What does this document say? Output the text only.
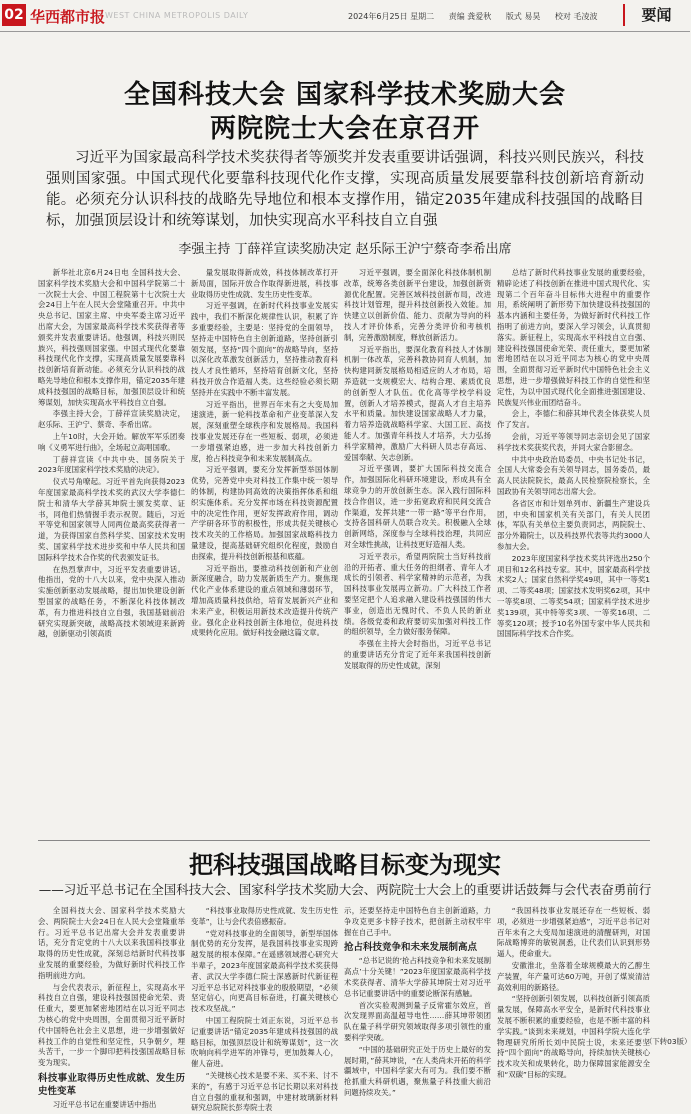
02 华西都市报 WEST CHINA METROPOLIS DAILY	2024年6月25日 星期二 责编 龚爱秋 版式 易昊 校对 毛凌波	要闻
全国科技大会 国家科学技术奖励大会
两院院士大会在京召开

习近平为国家最高科学技术奖获得者等颁奖并发表重要讲话强调，科技兴则民族兴，科技强则国家强。中国式现代化要靠科技现代化作支撑，实现高质量发展要靠科技创新培育新动能。必须充分认识科技的战略先导地位和根本支撑作用，锚定2035年建成科技强国的战略目标，加强顶层设计和统筹谋划，加快实现高水平科技自立自强

李强主持 丁薛祥宣读奖励决定 赵乐际王沪宁蔡奇李希出席

新华社北京6月24日电 全国科技大会、国家科学技术奖励大会和中国科学院第二十一次院士大会、中国工程院第十七次院士大会24日上午在人民大会堂隆重召开。中共中央总书记、国家主席、中央军委主席习近平出席大会，为国家最高科学技术奖获得者等颁奖并发表重要讲话。他强调，科技兴则民族兴，科技强则国家强。中国式现代化要靠科技现代化作支撑，实现高质量发展要靠科技创新培育新动能。必须充分认识科技的战略先导地位和根本支撑作用，锚定2035年建成科技强国的战略目标，加强顶层设计和统筹谋划，加快实现高水平科技自立自强。

李强主持大会，丁薛祥宣读奖励决定，赵乐际、王沪宁、蔡奇、李希出席。

上午10时，大会开始。解放军军乐团奏响《义勇军进行曲》，全场起立高唱国歌。

丁薛祥宣读《中共中央、国务院关于2023年度国家科学技术奖励的决定》。

仪式号角嘹起。习近平首先向获得2023年度国家最高科学技术奖的武汉大学李德仁院士和清华大学薛其坤院士颁发奖章、证书，同他们热情握手表示祝贺。随后，习近平等党和国家领导人同两位最高奖获得者一道，为获得国家自然科学奖、国家技术发明奖、国家科学技术进步奖和中华人民共和国国际科学技术合作奖的代表颁发证书。

在热烈掌声中，习近平发表重要讲话。他指出，党的十八大以来，党中央深入推动实施创新驱动发展战略，提出加快建设创新型国家的战略任务，不断深化科技体制改革，有力推进科技自立自强，我国基础前沿研究实现新突破，战略高技术领域迎来新跨越，创新驱动引领高质

量发展取得新成效，科技体制改革打开新局面，国际开放合作取得新进展，科技事业取得历史性成就、发生历史性变革。

习近平强调，在新时代科技事业发展实践中，我们不断深化规律性认识，积累了许多重要经验，主要是：坚持党的全面领导，坚持走中国特色自主创新道路，坚持创新引领发展，坚持“四个面向”的战略导向，坚持以深化改革激发创新活力，坚持推动教育科技人才良性循环，坚持培育创新文化，坚持科技开放合作造福人类。这些经验必须长期坚持并在实践中不断丰富发展。

习近平指出，世界百年未有之大变局加速演进，新一轮科技革命和产业变革深入发展，深刻重塑全球秩序和发展格局。我国科技事业发展还存在一些短板、弱项，必须进一步增强紧迫感，进一步加大科技创新力度，抢占科技竞争和未来发展制高点。

习近平强调，要充分发挥新型举国体制优势，完善党中央对科技工作集中统一领导的体制，构建协同高效的决策指挥体系和组织实施体系。充分发挥市场在科技资源配置中的决定性作用，更好发挥政府作用，调动产学研各环节的积极性，形成共促关键核心技术攻关的工作格局。加强国家战略科技力量建设，提高基础研究组织化程度，鼓励自由探索，提升科技创新根基和底蕴。

习近平指出，要推动科技创新和产业创新深度融合，助力发展新质生产力。聚焦现代化产业体系建设的重点领域和薄弱环节，增加高质量科技供给，培育发展新兴产业和未来产业，积极运用新技术改造提升传统产业。强化企业科技创新主体地位，促进科技成果转化应用。做好科技金融这篇文章。

习近平强调，要全面深化科技体制机制改革，统筹各类创新平台建设，加强创新资源优化配置。完善区域科技创新布局，改进科技计划管理，提升科技创新投入效能。加快建立以创新价值、能力、贡献为导向的科技人才评价体系，完善分类评价和考核机制，完善激励制度，释放创新活力。

习近平指出，要深化教育科技人才体制机制一体改革，完善科教协同育人机制，加快构建同新发展格局相适应的人才布局，培养造就一支规模宏大、结构合理、素质优良的创新型人才队伍。优化高等学校学科设置，创新人才培养模式，提高人才自主培养水平和质量。加快建设国家战略人才力量，着力培养造就战略科学家、大国工匠、高技能人才。加强青年科技人才培养，大力弘扬科学家精神，激励广大科研人员志存高远、爱国奉献、矢志创新。

习近平强调，要扩大国际科技交流合作，加强国际化科研环境建设，形成具有全球竞争力的开放创新生态。深入践行国际科技合作倡议，进一步拓宽政府和民间交流合作渠道，发挥共建“一带一路”等平台作用，支持各国科研人员联合攻关。积极融入全球创新网络，深度参与全球科技治理，共同应对全球性挑战，让科技更好造福人类。

习近平表示，希望两院院士当好科技前沿的开拓者、重大任务的担纲者、青年人才成长的引领者、科学家精神的示范者，为我国科技事业发展再立新功。广大科技工作者要坚定把个人追求融入建设科技强国的伟大事业，创造出无愧时代、不负人民的新业绩。各级党委和政府要切实加强对科技工作的组织领导，全力做好服务保障。

李强在主持大会时指出，习近平总书记的重要讲话充分肯定了近年来我国科技创新发展取得的历史性成就，深刻

总结了新时代科技事业发展的重要经验，精辟论述了科技创新在推进中国式现代化、实现第二个百年奋斗目标伟大进程中的重要作用，系统阐明了新形势下加快建设科技强国的基本内涵和主要任务，为做好新时代科技工作指明了前进方向，要深入学习领会，认真贯彻落实。新征程上，实现高水平科技自立自强、建设科技强国使命光荣、责任重大，要更加紧密地团结在以习近平同志为核心的党中央周围，全面贯彻习近平新时代中国特色社会主义思想，进一步增强做好科技工作的自觉性和坚定性，为以中国式现代化全面推进强国建设、民族复兴伟业而团结奋斗。

会上，李德仁和薛其坤代表全体获奖人员作了发言。

会前，习近平等领导同志亲切会见了国家科学技术奖获奖代表，并同大家合影留念。

中共中央政治局委员、中央书记处书记，全国人大常委会有关领导同志，国务委员，最高人民法院院长，最高人民检察院检察长，全国政协有关领导同志出席大会。

各省区市和计划单列市、新疆生产建设兵团，中央和国家机关有关部门，有关人民团体，军队有关单位主要负责同志，两院院士、部分外籍院士，以及科技界代表等共约3000人参加大会。

2023年度国家科学技术奖共评选出250个项目和12名科技专家。其中，国家最高科学技术奖2人；国家自然科学奖49项，其中一等奖1项、二等奖48项；国家技术发明奖62项，其中一等奖8项、二等奖54项；国家科学技术进步奖139项，其中特等奖3项、一等奖16项、二等奖120项；授予10名外国专家中华人民共和国国际科学技术合作奖。

把科技强国战略目标变为现实
——习近平总书记在全国科技大会、国家科学技术奖励大会、两院院士大会上的重要讲话鼓舞与会代表奋勇前行

全国科技大会、国家科学技术奖励大会、两院院士大会24日在人民大会堂隆重举行。习近平总书记出席大会并发表重要讲话，充分肯定党的十八大以来我国科技事业取得的历史性成就，深刻总结新时代科技事业发展的重要经验，为做好新时代科技工作指明前进方向。

与会代表表示，新征程上，实现高水平科技自立自强，建设科技强国使命光荣、责任重大，要更加紧密地团结在以习近平同志为核心的党中央周围，全面贯彻习近平新时代中国特色社会主义思想，进一步增强做好科技工作的自觉性和坚定性，只争朝夕，埋头苦干，一步一个脚印把科技强国战略目标变为现实。

科技事业取得历史性成就、发生历史性变革

习近平总书记在重要讲话中指出

“科技事业取得历史性成就、发生历史性变革”，让与会代表倍感振奋。

“党对科技事业的全面领导，新型举国体制优势的充分发挥，是我国科技事业实现跨越发展的根本保障。”在遥感领域潜心研究大半辈子，2023年度国家最高科学技术奖获得者、武汉大学李德仁院士深感新时代新征程习近平总书记对科技事业的殷殷期望，“必须坚定信心，向更高目标奋进，打赢关键核心技术攻坚战。”

中国工程院院士刘正东说，习近平总书记重要讲话“锚定2035年建成科技强国的战略目标，加强顶层设计和统筹谋划”，这一次吹响向科学进军的冲锋号，更加鼓舞人心，催人奋进。

“关键核心技术是要不来、买不来、讨不来的”，有感于习近平总书记长期以来对科技自立自强的重视和强调，中建材玻璃新材料研究总院院长彭寿院士表

示，还要坚持走中国特色自主创新道路，力争攻克更多卡脖子技术，把创新主动权牢牢握在自己手中。

抢占科技竞争和未来发展制高点

“总书记说的‘抢占科技竞争和未来发展制高点’十分关键！”2023年度国家最高科学技术奖获得者、清华大学薛其坤院士对习近平总书记重要讲话中的重要论断深有感触。

首次实验观测到量子反常霍尔效应，首次发现界面高温超导电性……薛其坤带领团队在量子科学研究领域取得多项引领性的重要科学突破。

“中国的基础研究正处于历史上最好的发展时期，”薛其坤说，“在人类尚未开拓的科学疆域中，中国科学家大有可为。我们要不断抢抓重大科研机遇，聚焦量子科技重大前沿问题持续攻关。”

“我国科技事业发展还存在一些短板、弱项，必须进一步增强紧迫感”，习近平总书记对百年未有之大变局加速演进的清醒研判，对国际战略博弈的敏锐洞悉，让代表们认识到形势逼人，使命重大。

安徽淮北，坐落着全球规模最大的乙醇生产装置，年产量可达60万吨，开创了煤炭清洁高效利用的新路径。

“坚持创新引领发展，以科技创新引领高质量发展，保障高水平安全，是新时代科技事业发展不断积累的重要经验，也是不断丰富的科学实践。”谈到未来规划，中国科学院大连化学物理研究所所长刘中民院士说，未来还要坚持“四个面向”的战略导向，持续加快关键核心技术攻关和成果转化，助力保障国家能源安全和“双碳”目标的实现。

（下转03版）
